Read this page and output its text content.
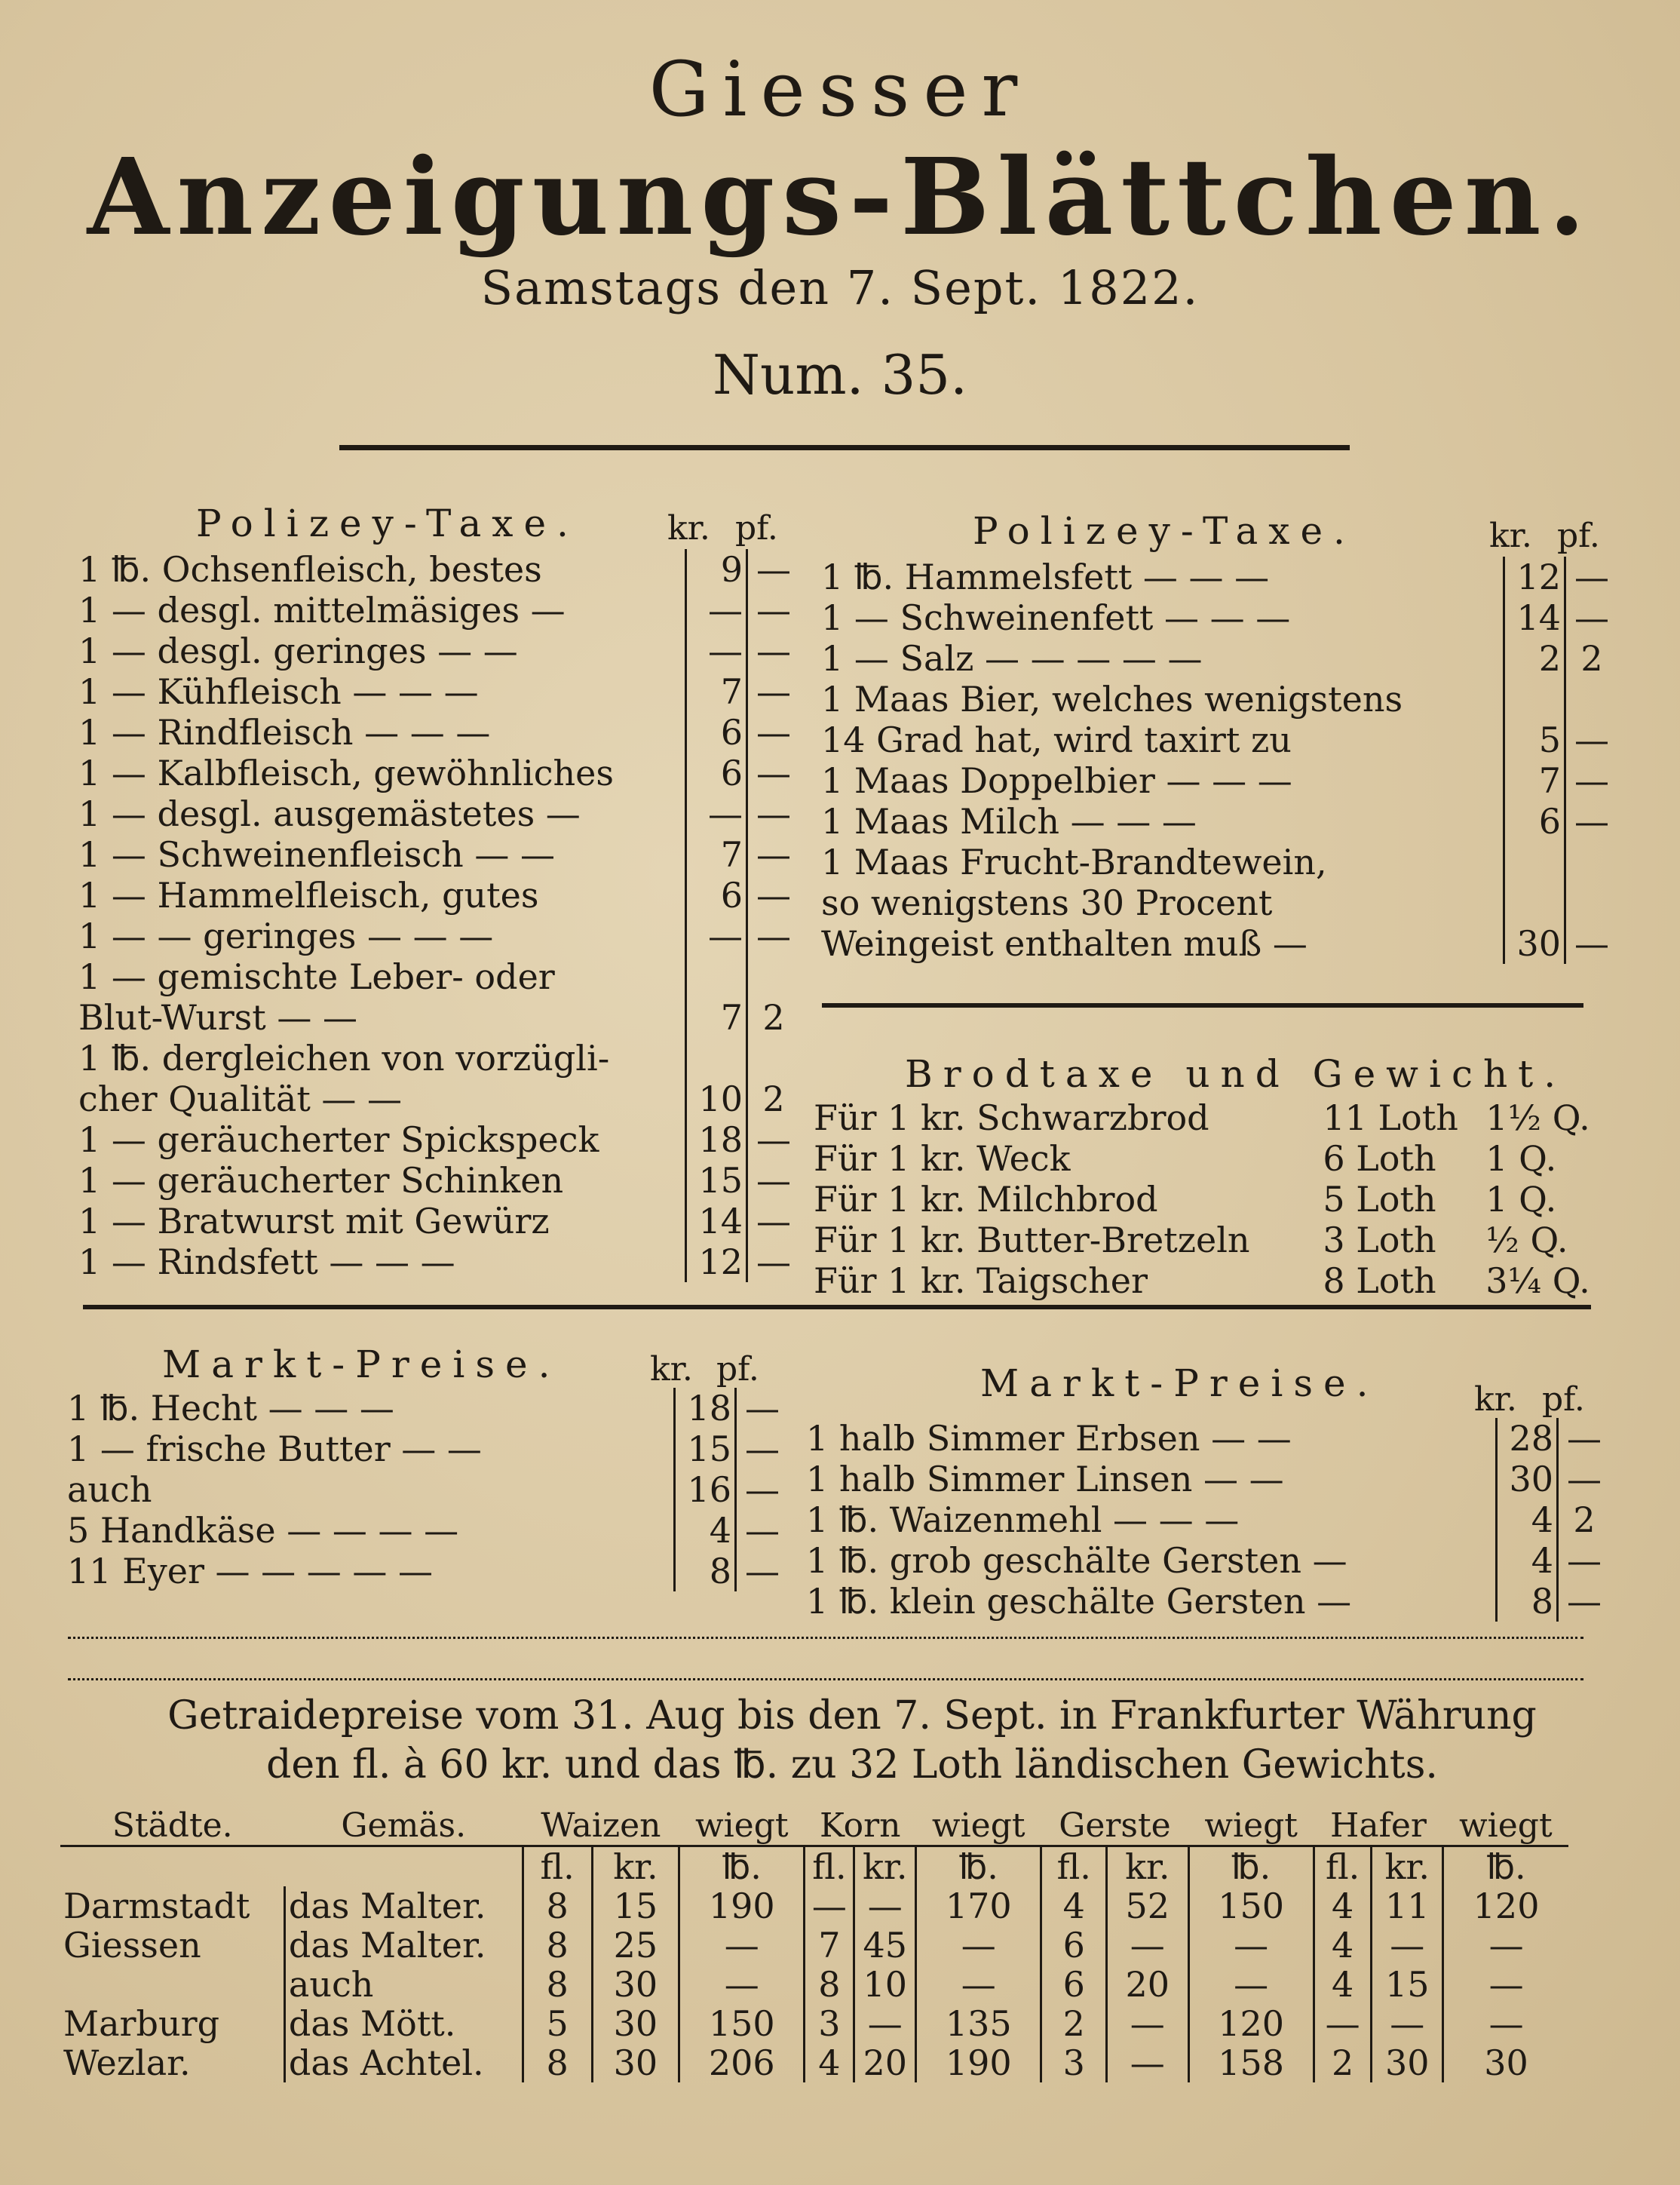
Giesser
Anzeigungs-Blättchen.
Samstags den 7. Sept. 1822.
Num. 35.
Polizey-Taxe.	kr. pf.
1 ℔. Ochsenfleisch, bestes	9	—
1 — desgl. mittelmäsiges —	—	—
1 — desgl. geringes — —	—	—
1 — Kühfleisch — — —	7	—
1 — Rindfleisch — — —	6	—
1 — Kalbfleisch, gewöhnliches	6	—
1 — desgl. ausgemästetes —	—	—
1 — Schweinenfleisch — —	7	—
1 — Hammelfleisch, gutes	6	—
1 — — geringes — — —	—	—
1 — gemischte Leber- oder		
Blut-Wurst — —	7	2
1 ℔. dergleichen von vorzügli-		
cher Qualität — —	10	2
1 — geräucherter Spickspeck	18	—
1 — geräucherter Schinken	15	—
1 — Bratwurst mit Gewürz	14	—
1 — Rindsfett — — —	12	—
Polizey-Taxe.	kr. pf.
1 ℔. Hammelsfett — — —	12	—
1 — Schweinenfett — — —	14	—
1 — Salz — — — — —	2	2
1 Maas Bier, welches wenigstens		
14 Grad hat, wird taxirt zu	5	—
1 Maas Doppelbier — — —	7	—
1 Maas Milch — — —	6	—
1 Maas Frucht-Brandtewein,		
so wenigstens 30 Procent		
Weingeist enthalten muß —	30	—
Brodtaxe und Gewicht.
Für 1 kr. Schwarzbrod	11 Loth	1½ Q.
Für 1 kr. Weck	6 Loth	1 Q.
Für 1 kr. Milchbrod	5 Loth	1 Q.
Für 1 kr. Butter-Bretzeln	3 Loth	½ Q.
Für 1 kr. Taigscher	8 Loth	3¼ Q.
Markt-Preise.	kr. pf.
1 ℔. Hecht — — —	18	—
1 — frische Butter — —	15	—
auch	16	—
5 Handkäse — — — —	4	—
11 Eyer — — — — —	8	—
Markt-Preise.	kr. pf.
1 halb Simmer Erbsen — —	28	—
1 halb Simmer Linsen — —	30	—
1 ℔. Waizenmehl — — —	4	2
1 ℔. grob geschälte Gersten —	4	—
1 ℔. klein geschälte Gersten —	8	—
Getraidepreise vom 31. Aug bis den 7. Sept. in Frankfurter Währung
den fl. à 60 kr. und das ℔. zu 32 Loth ländischen Gewichts.
Städte.	Gemäs.	Waizen		wiegt	Korn		wiegt	Gerste		wiegt	Hafer		wiegt
		fl.	kr.	℔.	fl.	kr.	℔.	fl.	kr.	℔.	fl.	kr.	℔.
Darmstadt	das Malter.	8	15	190	—	—	170	4	52	150	4	11	120
Giessen	das Malter.	8	25	—	7	45	—	6	—	—	4	—	—
	auch	8	30	—	8	10	—	6	20	—	4	15	—
Marburg	das Mött.	5	30	150	3	—	135	2	—	120	—	—	—
Wezlar.	das Achtel.	8	30	206	4	20	190	3	—	158	2	30	30
